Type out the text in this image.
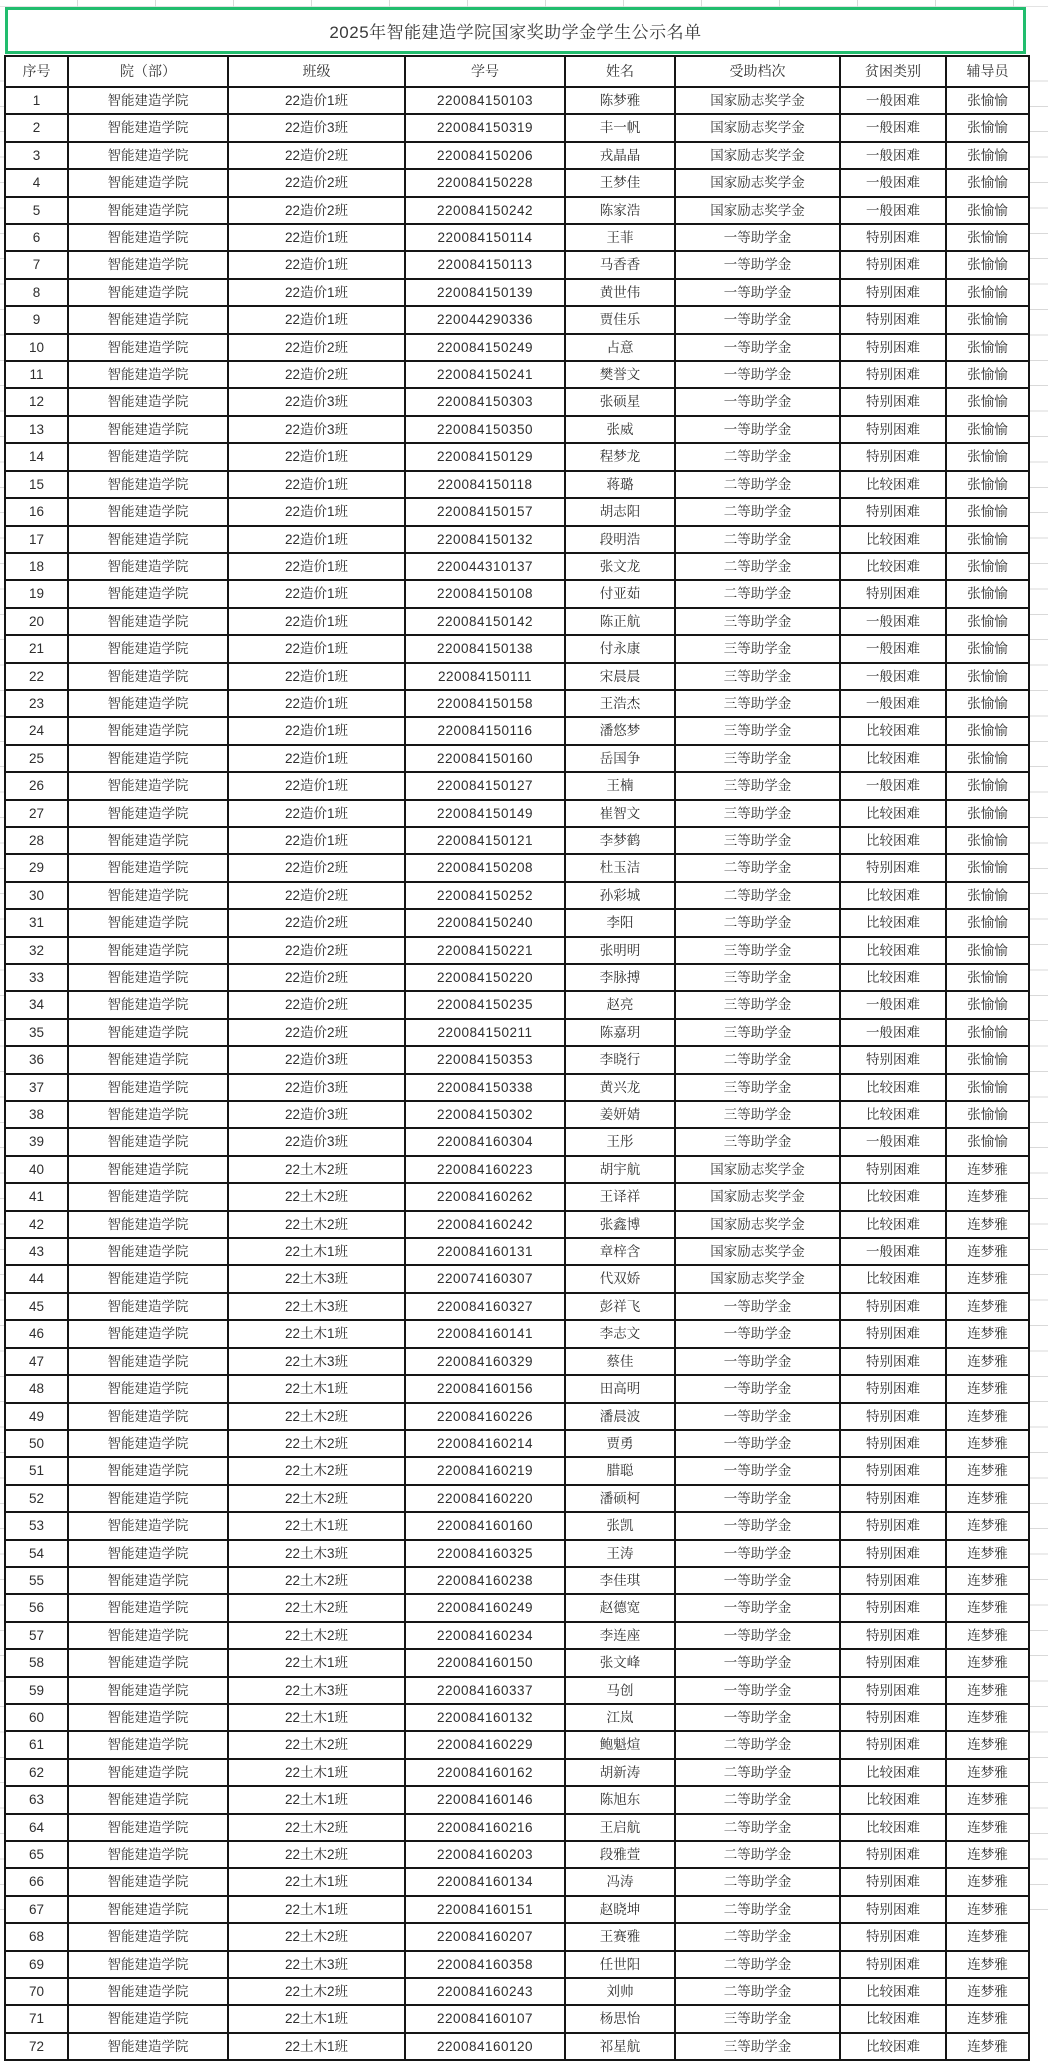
2025年智能建造学院国家奖助学金学生公示名单
序号	院（部）	班级	学号	姓名	受助档次	贫困类别	辅导员
1	智能建造学院	22造价1班	220084150103	陈梦雅	国家励志奖学金	一般困难	张愉愉
2	智能建造学院	22造价3班	220084150319	丰一帆	国家励志奖学金	一般困难	张愉愉
3	智能建造学院	22造价2班	220084150206	戎晶晶	国家励志奖学金	一般困难	张愉愉
4	智能建造学院	22造价2班	220084150228	王梦佳	国家励志奖学金	一般困难	张愉愉
5	智能建造学院	22造价2班	220084150242	陈家浩	国家励志奖学金	一般困难	张愉愉
6	智能建造学院	22造价1班	220084150114	王菲	一等助学金	特别困难	张愉愉
7	智能建造学院	22造价1班	220084150113	马香香	一等助学金	特别困难	张愉愉
8	智能建造学院	22造价1班	220084150139	黄世伟	一等助学金	特别困难	张愉愉
9	智能建造学院	22造价1班	220044290336	贾佳乐	一等助学金	特别困难	张愉愉
10	智能建造学院	22造价2班	220084150249	占意	一等助学金	特别困难	张愉愉
11	智能建造学院	22造价2班	220084150241	樊誉文	一等助学金	特别困难	张愉愉
12	智能建造学院	22造价3班	220084150303	张硕星	一等助学金	特别困难	张愉愉
13	智能建造学院	22造价3班	220084150350	张威	一等助学金	特别困难	张愉愉
14	智能建造学院	22造价1班	220084150129	程梦龙	二等助学金	特别困难	张愉愉
15	智能建造学院	22造价1班	220084150118	蒋璐	二等助学金	比较困难	张愉愉
16	智能建造学院	22造价1班	220084150157	胡志阳	二等助学金	特别困难	张愉愉
17	智能建造学院	22造价1班	220084150132	段明浩	二等助学金	比较困难	张愉愉
18	智能建造学院	22造价1班	220044310137	张文龙	二等助学金	比较困难	张愉愉
19	智能建造学院	22造价1班	220084150108	付亚茹	二等助学金	特别困难	张愉愉
20	智能建造学院	22造价1班	220084150142	陈正航	三等助学金	一般困难	张愉愉
21	智能建造学院	22造价1班	220084150138	付永康	三等助学金	一般困难	张愉愉
22	智能建造学院	22造价1班	220084150111	宋晨晨	三等助学金	一般困难	张愉愉
23	智能建造学院	22造价1班	220084150158	王浩杰	三等助学金	一般困难	张愉愉
24	智能建造学院	22造价1班	220084150116	潘悠梦	三等助学金	比较困难	张愉愉
25	智能建造学院	22造价1班	220084150160	岳国争	三等助学金	比较困难	张愉愉
26	智能建造学院	22造价1班	220084150127	王楠	三等助学金	一般困难	张愉愉
27	智能建造学院	22造价1班	220084150149	崔智文	三等助学金	比较困难	张愉愉
28	智能建造学院	22造价1班	220084150121	李梦鹤	三等助学金	比较困难	张愉愉
29	智能建造学院	22造价2班	220084150208	杜玉洁	二等助学金	特别困难	张愉愉
30	智能建造学院	22造价2班	220084150252	孙彩城	二等助学金	比较困难	张愉愉
31	智能建造学院	22造价2班	220084150240	李阳	二等助学金	比较困难	张愉愉
32	智能建造学院	22造价2班	220084150221	张明明	三等助学金	比较困难	张愉愉
33	智能建造学院	22造价2班	220084150220	李脉搏	三等助学金	比较困难	张愉愉
34	智能建造学院	22造价2班	220084150235	赵亮	三等助学金	一般困难	张愉愉
35	智能建造学院	22造价2班	220084150211	陈嘉玥	三等助学金	一般困难	张愉愉
36	智能建造学院	22造价3班	220084150353	李晓行	二等助学金	特别困难	张愉愉
37	智能建造学院	22造价3班	220084150338	黄兴龙	三等助学金	比较困难	张愉愉
38	智能建造学院	22造价3班	220084150302	姜妍婧	三等助学金	比较困难	张愉愉
39	智能建造学院	22造价3班	220084160304	王彤	三等助学金	一般困难	张愉愉
40	智能建造学院	22土木2班	220084160223	胡宇航	国家励志奖学金	特别困难	连梦雅
41	智能建造学院	22土木2班	220084160262	王译祥	国家励志奖学金	比较困难	连梦雅
42	智能建造学院	22土木2班	220084160242	张鑫博	国家励志奖学金	比较困难	连梦雅
43	智能建造学院	22土木1班	220084160131	章梓含	国家励志奖学金	一般困难	连梦雅
44	智能建造学院	22土木3班	220074160307	代双娇	国家励志奖学金	比较困难	连梦雅
45	智能建造学院	22土木3班	220084160327	彭祥飞	一等助学金	特别困难	连梦雅
46	智能建造学院	22土木1班	220084160141	李志文	一等助学金	特别困难	连梦雅
47	智能建造学院	22土木3班	220084160329	蔡佳	一等助学金	特别困难	连梦雅
48	智能建造学院	22土木1班	220084160156	田高明	一等助学金	特别困难	连梦雅
49	智能建造学院	22土木2班	220084160226	潘晨波	一等助学金	特别困难	连梦雅
50	智能建造学院	22土木2班	220084160214	贾勇	一等助学金	特别困难	连梦雅
51	智能建造学院	22土木2班	220084160219	腊聪	一等助学金	特别困难	连梦雅
52	智能建造学院	22土木2班	220084160220	潘硕柯	一等助学金	特别困难	连梦雅
53	智能建造学院	22土木1班	220084160160	张凯	一等助学金	特别困难	连梦雅
54	智能建造学院	22土木3班	220084160325	王涛	一等助学金	特别困难	连梦雅
55	智能建造学院	22土木2班	220084160238	李佳琪	一等助学金	特别困难	连梦雅
56	智能建造学院	22土木2班	220084160249	赵德宽	一等助学金	特别困难	连梦雅
57	智能建造学院	22土木2班	220084160234	李连座	一等助学金	特别困难	连梦雅
58	智能建造学院	22土木1班	220084160150	张文峰	一等助学金	特别困难	连梦雅
59	智能建造学院	22土木3班	220084160337	马创	一等助学金	特别困难	连梦雅
60	智能建造学院	22土木1班	220084160132	江岚	一等助学金	特别困难	连梦雅
61	智能建造学院	22土木2班	220084160229	鲍魁煊	二等助学金	特别困难	连梦雅
62	智能建造学院	22土木1班	220084160162	胡新涛	二等助学金	比较困难	连梦雅
63	智能建造学院	22土木1班	220084160146	陈旭东	二等助学金	比较困难	连梦雅
64	智能建造学院	22土木2班	220084160216	王启航	二等助学金	比较困难	连梦雅
65	智能建造学院	22土木2班	220084160203	段雅萱	二等助学金	特别困难	连梦雅
66	智能建造学院	22土木1班	220084160134	冯涛	二等助学金	特别困难	连梦雅
67	智能建造学院	22土木1班	220084160151	赵晓坤	二等助学金	特别困难	连梦雅
68	智能建造学院	22土木2班	220084160207	王赛雅	二等助学金	特别困难	连梦雅
69	智能建造学院	22土木3班	220084160358	任世阳	二等助学金	特别困难	连梦雅
70	智能建造学院	22土木2班	220084160243	刘帅	二等助学金	比较困难	连梦雅
71	智能建造学院	22土木1班	220084160107	杨思怡	三等助学金	比较困难	连梦雅
72	智能建造学院	22土木1班	220084160120	祁星航	三等助学金	比较困难	连梦雅
